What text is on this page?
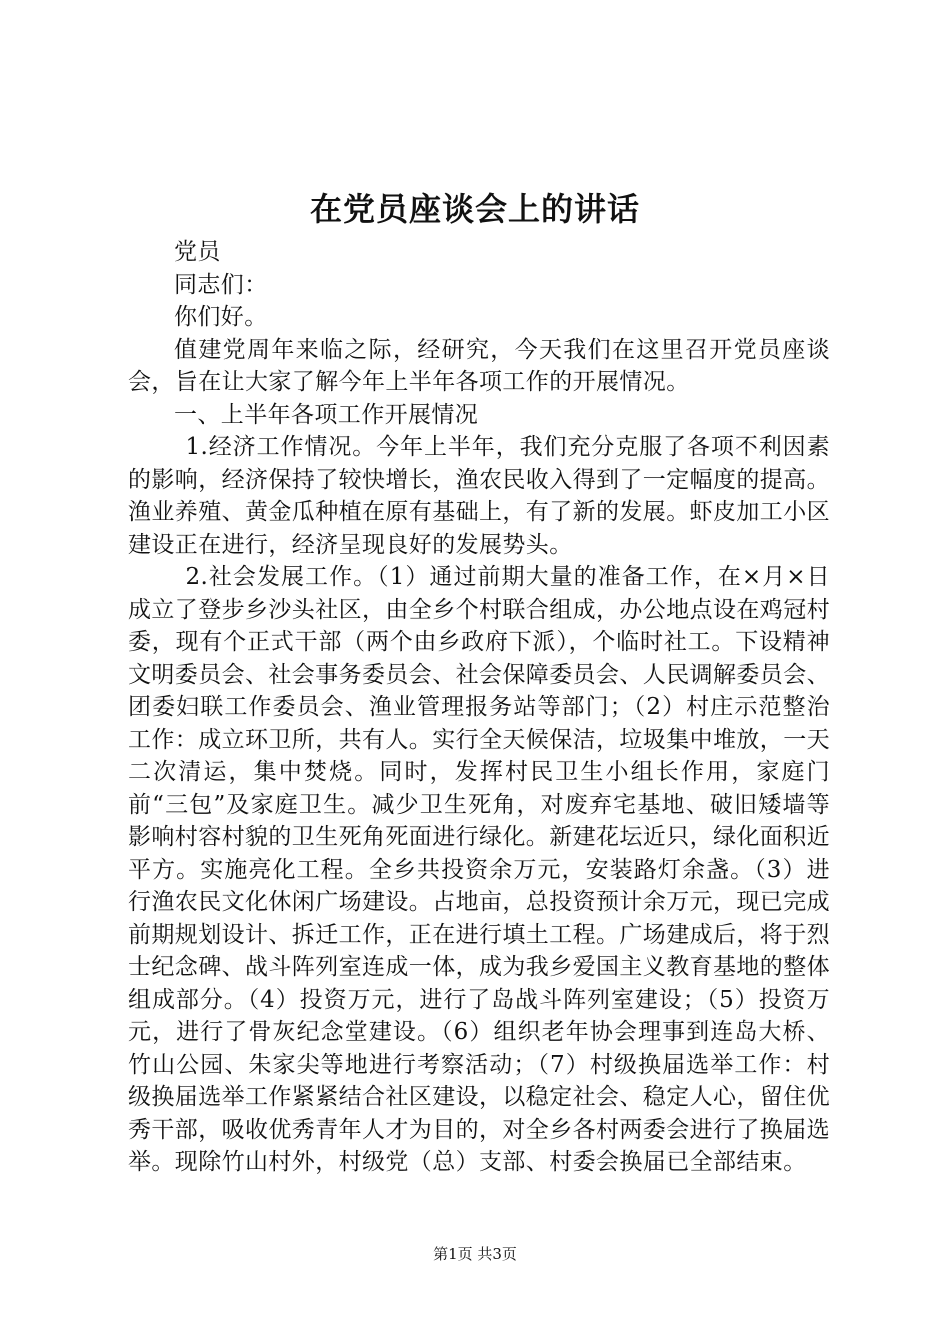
在党员座谈会上的讲话

党员

同志们：

你们好。

值建党周年来临之际，经研究，今天我们在这里召开党员座谈会，旨在让大家了解今年上半年各项工作的开展情况。

一、上半年各项工作开展情况

1.经济工作情况。今年上半年，我们充分克服了各项不利因素的影响，经济保持了较快增长，渔农民收入得到了一定幅度的提高。渔业养殖、黄金瓜种植在原有基础上，有了新的发展。虾皮加工小区建设正在进行，经济呈现良好的发展势头。

2.社会发展工作。（1）通过前期大量的准备工作，在×月×日成立了登步乡沙头社区，由全乡个村联合组成，办公地点设在鸡冠村委，现有个正式干部（两个由乡政府下派），个临时社工。下设精神文明委员会、社会事务委员会、社会保障委员会、人民调解委员会、团委妇联工作委员会、渔业管理报务站等部门；（2）村庄示范整治工作：成立环卫所，共有人。实行全天候保洁，垃圾集中堆放，一天二次清运，集中焚烧。同时，发挥村民卫生小组长作用，家庭门前“三包”及家庭卫生。减少卫生死角，对废弃宅基地、破旧矮墙等影响村容村貌的卫生死角死面进行绿化。新建花坛近只，绿化面积近平方。实施亮化工程。全乡共投资余万元，安装路灯余盏。（3）进行渔农民文化休闲广场建设。占地亩，总投资预计余万元，现已完成前期规划设计、拆迁工作，正在进行填土工程。广场建成后，将于烈士纪念碑、战斗阵列室连成一体，成为我乡爱国主义教育基地的整体组成部分。（4）投资万元，进行了岛战斗阵列室建设；（5）投资万元，进行了骨灰纪念堂建设。（6）组织老年协会理事到连岛大桥、竹山公园、朱家尖等地进行考察活动；（7）村级换届选举工作：村级换届选举工作紧紧结合社区建设，以稳定社会、稳定人心，留住优秀干部，吸收优秀青年人才为目的，对全乡各村两委会进行了换届选举。现除竹山村外，村级党（总）支部、村委会换届已全部结束。

第1页 共3页
